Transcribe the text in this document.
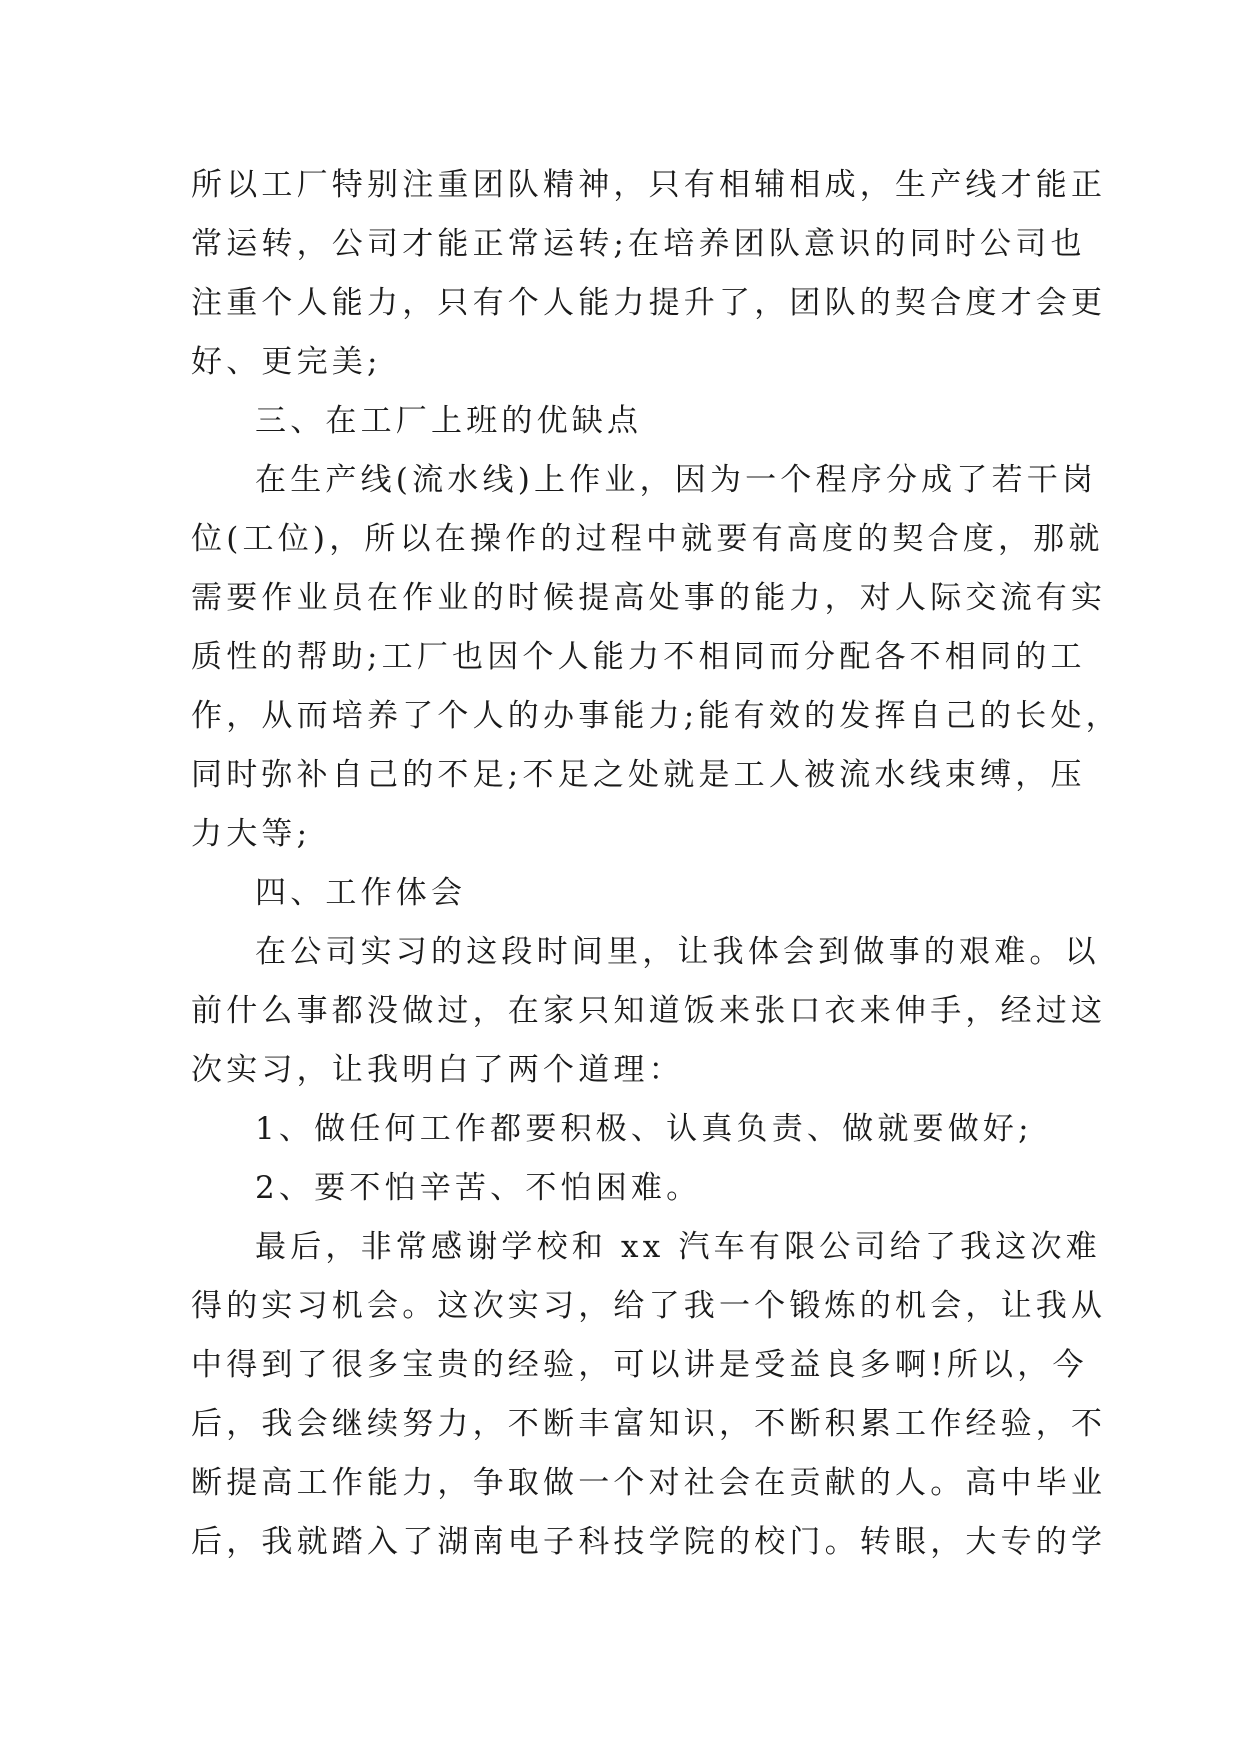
所以工厂特别注重团队精神，只有相辅相成，生产线才能正
常运转，公司才能正常运转;在培养团队意识的同时公司也
注重个人能力，只有个人能力提升了，团队的契合度才会更
好、更完美;
三、在工厂上班的优缺点
在生产线(流水线)上作业，因为一个程序分成了若干岗
位(工位)，所以在操作的过程中就要有高度的契合度，那就
需要作业员在作业的时候提高处事的能力，对人际交流有实
质性的帮助;工厂也因个人能力不相同而分配各不相同的工
作，从而培养了个人的办事能力;能有效的发挥自己的长处，
同时弥补自己的不足;不足之处就是工人被流水线束缚，压
力大等;
四、工作体会
在公司实习的这段时间里，让我体会到做事的艰难。以
前什么事都没做过，在家只知道饭来张口衣来伸手，经过这
次实习，让我明白了两个道理：
1、做任何工作都要积极、认真负责、做就要做好;
2、要不怕辛苦、不怕困难。
最后，非常感谢学校和 xx 汽车有限公司给了我这次难
得的实习机会。这次实习，给了我一个锻炼的机会，让我从
中得到了很多宝贵的经验，可以讲是受益良多啊!所以，今
后，我会继续努力，不断丰富知识，不断积累工作经验，不
断提高工作能力，争取做一个对社会在贡献的人。高中毕业
后，我就踏入了湖南电子科技学院的校门。转眼，大专的学
